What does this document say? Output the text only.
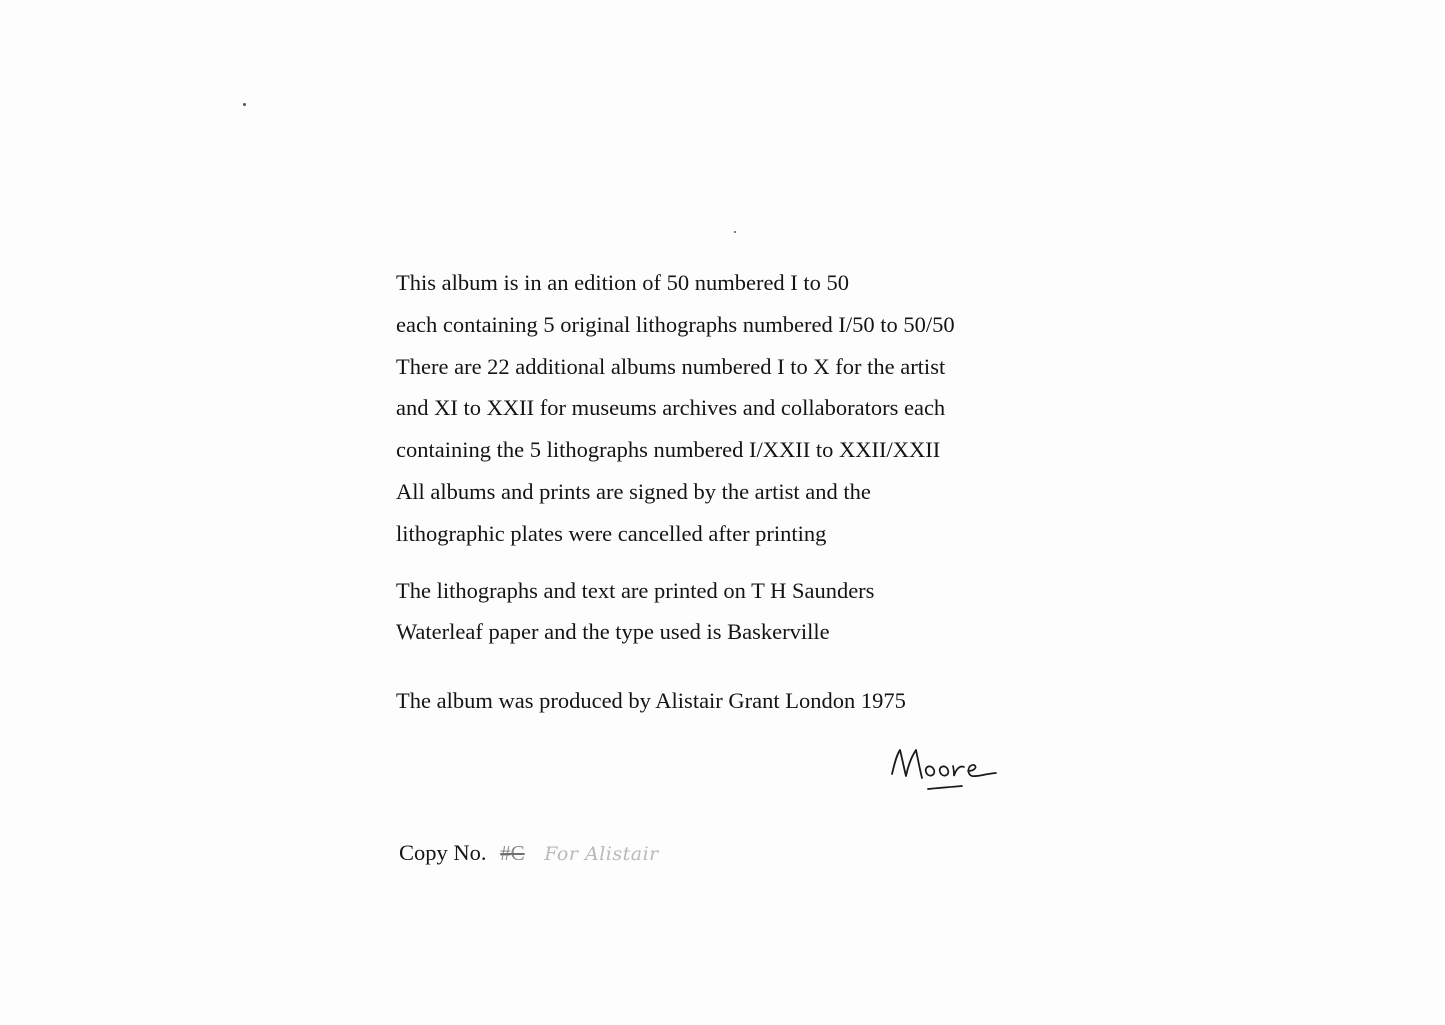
This album is in an edition of 50 numbered I to 50
each containing 5 original lithographs numbered I/50 to 50/50
There are 22 additional albums numbered I to X for the artist
and XI to XXII for museums archives and collaborators each
containing the 5 lithographs numbered I/XXII to XXII/XXII
All albums and prints are signed by the artist and the
lithographic plates were cancelled after printing
The lithographs and text are printed on T H Saunders
Waterleaf paper and the type used is Baskerville
The album was produced by Alistair Grant London 1975
Copy No. #C For Alistair
